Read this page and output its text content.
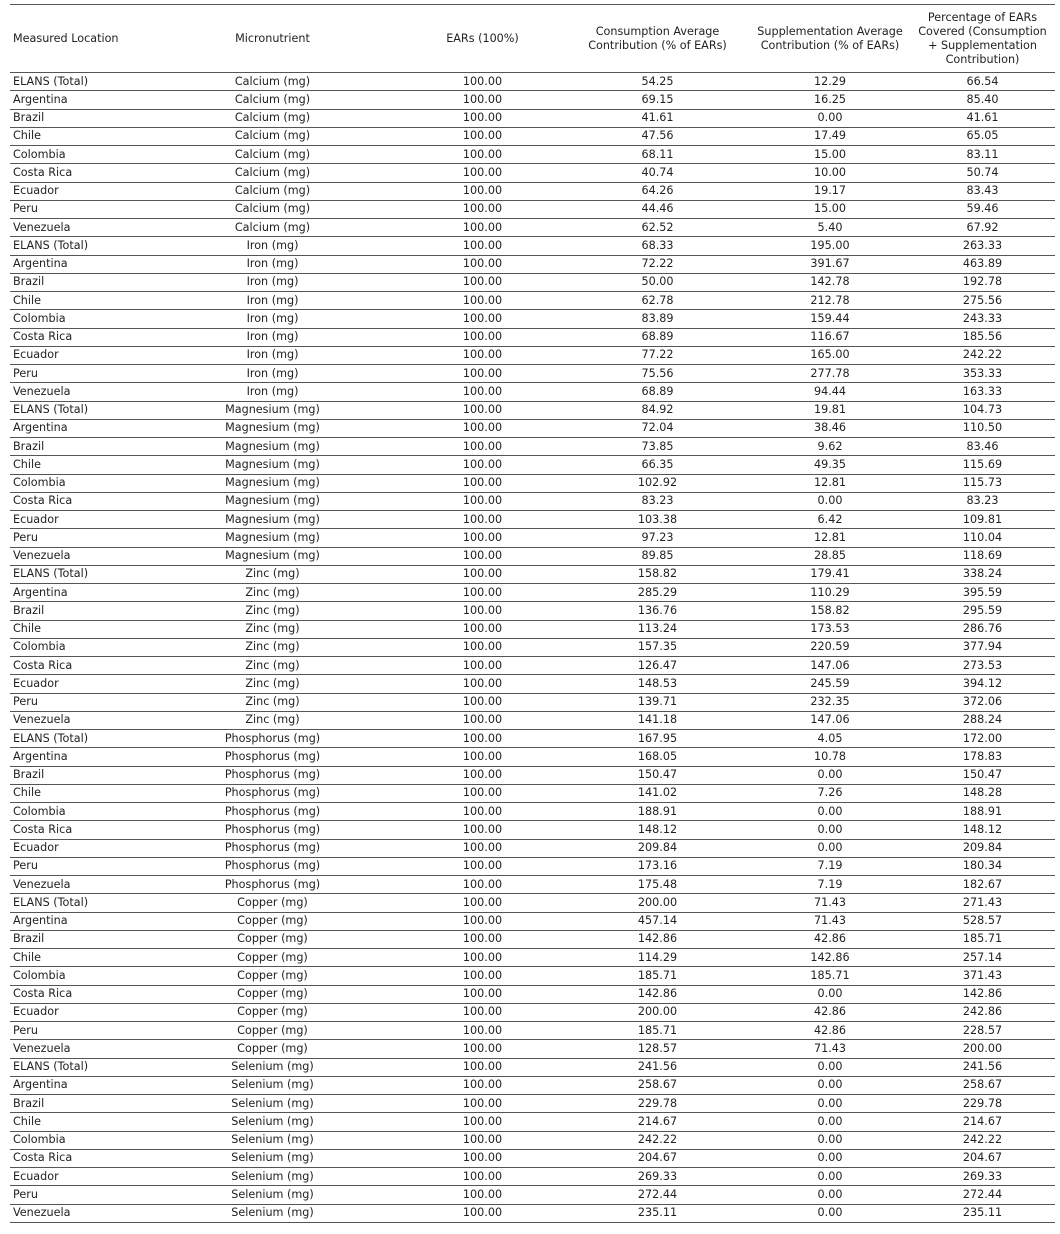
Measured Location	Micronutrient	EARs (100%)	Consumption Average Contribution (% of EARs)	Supplementation Average Contribution (% of EARs)	Percentage of EARs Covered (Consumption + Supplementation Contribution)
ELANS (Total)	Calcium (mg)	100.00	54.25	12.29	66.54
Argentina	Calcium (mg)	100.00	69.15	16.25	85.40
Brazil	Calcium (mg)	100.00	41.61	0.00	41.61
Chile	Calcium (mg)	100.00	47.56	17.49	65.05
Colombia	Calcium (mg)	100.00	68.11	15.00	83.11
Costa Rica	Calcium (mg)	100.00	40.74	10.00	50.74
Ecuador	Calcium (mg)	100.00	64.26	19.17	83.43
Peru	Calcium (mg)	100.00	44.46	15.00	59.46
Venezuela	Calcium (mg)	100.00	62.52	5.40	67.92
ELANS (Total)	Iron (mg)	100.00	68.33	195.00	263.33
Argentina	Iron (mg)	100.00	72.22	391.67	463.89
Brazil	Iron (mg)	100.00	50.00	142.78	192.78
Chile	Iron (mg)	100.00	62.78	212.78	275.56
Colombia	Iron (mg)	100.00	83.89	159.44	243.33
Costa Rica	Iron (mg)	100.00	68.89	116.67	185.56
Ecuador	Iron (mg)	100.00	77.22	165.00	242.22
Peru	Iron (mg)	100.00	75.56	277.78	353.33
Venezuela	Iron (mg)	100.00	68.89	94.44	163.33
ELANS (Total)	Magnesium (mg)	100.00	84.92	19.81	104.73
Argentina	Magnesium (mg)	100.00	72.04	38.46	110.50
Brazil	Magnesium (mg)	100.00	73.85	9.62	83.46
Chile	Magnesium (mg)	100.00	66.35	49.35	115.69
Colombia	Magnesium (mg)	100.00	102.92	12.81	115.73
Costa Rica	Magnesium (mg)	100.00	83.23	0.00	83.23
Ecuador	Magnesium (mg)	100.00	103.38	6.42	109.81
Peru	Magnesium (mg)	100.00	97.23	12.81	110.04
Venezuela	Magnesium (mg)	100.00	89.85	28.85	118.69
ELANS (Total)	Zinc (mg)	100.00	158.82	179.41	338.24
Argentina	Zinc (mg)	100.00	285.29	110.29	395.59
Brazil	Zinc (mg)	100.00	136.76	158.82	295.59
Chile	Zinc (mg)	100.00	113.24	173.53	286.76
Colombia	Zinc (mg)	100.00	157.35	220.59	377.94
Costa Rica	Zinc (mg)	100.00	126.47	147.06	273.53
Ecuador	Zinc (mg)	100.00	148.53	245.59	394.12
Peru	Zinc (mg)	100.00	139.71	232.35	372.06
Venezuela	Zinc (mg)	100.00	141.18	147.06	288.24
ELANS (Total)	Phosphorus (mg)	100.00	167.95	4.05	172.00
Argentina	Phosphorus (mg)	100.00	168.05	10.78	178.83
Brazil	Phosphorus (mg)	100.00	150.47	0.00	150.47
Chile	Phosphorus (mg)	100.00	141.02	7.26	148.28
Colombia	Phosphorus (mg)	100.00	188.91	0.00	188.91
Costa Rica	Phosphorus (mg)	100.00	148.12	0.00	148.12
Ecuador	Phosphorus (mg)	100.00	209.84	0.00	209.84
Peru	Phosphorus (mg)	100.00	173.16	7.19	180.34
Venezuela	Phosphorus (mg)	100.00	175.48	7.19	182.67
ELANS (Total)	Copper (mg)	100.00	200.00	71.43	271.43
Argentina	Copper (mg)	100.00	457.14	71.43	528.57
Brazil	Copper (mg)	100.00	142.86	42.86	185.71
Chile	Copper (mg)	100.00	114.29	142.86	257.14
Colombia	Copper (mg)	100.00	185.71	185.71	371.43
Costa Rica	Copper (mg)	100.00	142.86	0.00	142.86
Ecuador	Copper (mg)	100.00	200.00	42.86	242.86
Peru	Copper (mg)	100.00	185.71	42.86	228.57
Venezuela	Copper (mg)	100.00	128.57	71.43	200.00
ELANS (Total)	Selenium (mg)	100.00	241.56	0.00	241.56
Argentina	Selenium (mg)	100.00	258.67	0.00	258.67
Brazil	Selenium (mg)	100.00	229.78	0.00	229.78
Chile	Selenium (mg)	100.00	214.67	0.00	214.67
Colombia	Selenium (mg)	100.00	242.22	0.00	242.22
Costa Rica	Selenium (mg)	100.00	204.67	0.00	204.67
Ecuador	Selenium (mg)	100.00	269.33	0.00	269.33
Peru	Selenium (mg)	100.00	272.44	0.00	272.44
Venezuela	Selenium (mg)	100.00	235.11	0.00	235.11
